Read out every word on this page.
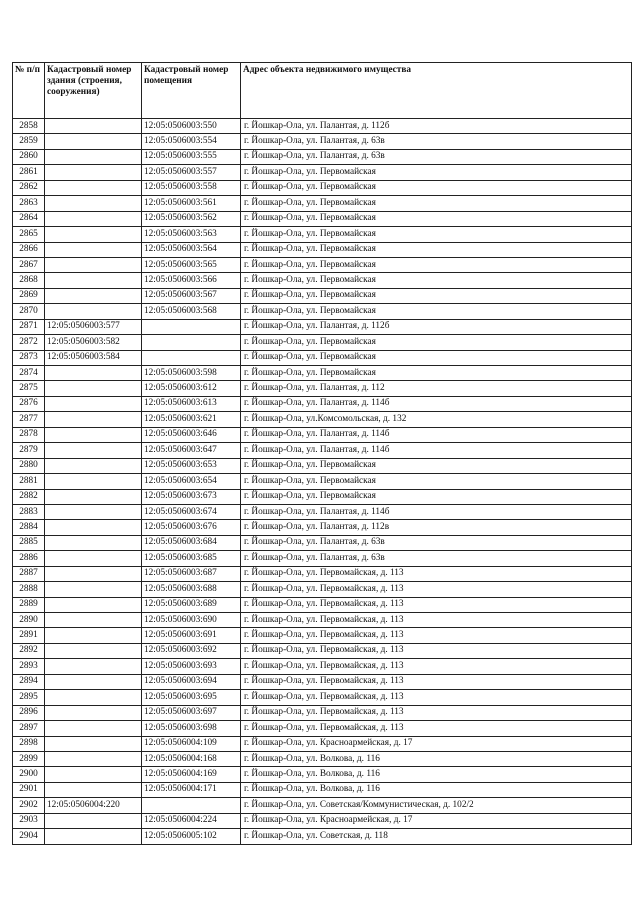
№ п/п	Кадастровый номер здания (строения, сооружения)	Кадастровый номер помещения	Адрес объекта недвижимого имущества
2858		12:05:0506003:550	г. Йошкар-Ола, ул. Палантая, д. 112б
2859		12:05:0506003:554	г. Йошкар-Ола, ул. Палантая, д. 63в
2860		12:05:0506003:555	г. Йошкар-Ола, ул. Палантая, д. 63в
2861		12:05:0506003:557	г. Йошкар-Ола, ул. Первомайская
2862		12:05:0506003:558	г. Йошкар-Ола, ул. Первомайская
2863		12:05:0506003:561	г. Йошкар-Ола, ул. Первомайская
2864		12:05:0506003:562	г. Йошкар-Ола, ул. Первомайская
2865		12:05:0506003:563	г. Йошкар-Ола, ул. Первомайская
2866		12:05:0506003:564	г. Йошкар-Ола, ул. Первомайская
2867		12:05:0506003:565	г. Йошкар-Ола, ул. Первомайская
2868		12:05:0506003:566	г. Йошкар-Ола, ул. Первомайская
2869		12:05:0506003:567	г. Йошкар-Ола, ул. Первомайская
2870		12:05:0506003:568	г. Йошкар-Ола, ул. Первомайская
2871	12:05:0506003:577		г. Йошкар-Ола, ул. Палантая, д. 112б
2872	12:05:0506003:582		г. Йошкар-Ола, ул. Первомайская
2873	12:05:0506003:584		г. Йошкар-Ола, ул. Первомайская
2874		12:05:0506003:598	г. Йошкар-Ола, ул. Первомайская
2875		12:05:0506003:612	г. Йошкар-Ола, ул. Палантая, д. 112
2876		12:05:0506003:613	г. Йошкар-Ола, ул. Палантая, д. 114б
2877		12:05:0506003:621	г. Йошкар-Ола, ул.Комсомольская, д. 132
2878		12:05:0506003:646	г. Йошкар-Ола, ул. Палантая, д. 114б
2879		12:05:0506003:647	г. Йошкар-Ола, ул. Палантая, д. 114б
2880		12:05:0506003:653	г. Йошкар-Ола, ул. Первомайская
2881		12:05:0506003:654	г. Йошкар-Ола, ул. Первомайская
2882		12:05:0506003:673	г. Йошкар-Ола, ул. Первомайская
2883		12:05:0506003:674	г. Йошкар-Ола, ул. Палантая, д. 114б
2884		12:05:0506003:676	г. Йошкар-Ола, ул. Палантая, д. 112в
2885		12:05:0506003:684	г. Йошкар-Ола, ул. Палантая, д. 63в
2886		12:05:0506003:685	г. Йошкар-Ола, ул. Палантая, д. 63в
2887		12:05:0506003:687	г. Йошкар-Ола, ул. Первомайская, д. 113
2888		12:05:0506003:688	г. Йошкар-Ола, ул. Первомайская, д. 113
2889		12:05:0506003:689	г. Йошкар-Ола, ул. Первомайская, д. 113
2890		12:05:0506003:690	г. Йошкар-Ола, ул. Первомайская, д. 113
2891		12:05:0506003:691	г. Йошкар-Ола, ул. Первомайская, д. 113
2892		12:05:0506003:692	г. Йошкар-Ола, ул. Первомайская, д. 113
2893		12:05:0506003:693	г. Йошкар-Ола, ул. Первомайская, д. 113
2894		12:05:0506003:694	г. Йошкар-Ола, ул. Первомайская, д. 113
2895		12:05:0506003:695	г. Йошкар-Ола, ул. Первомайская, д. 113
2896		12:05:0506003:697	г. Йошкар-Ола, ул. Первомайская, д. 113
2897		12:05:0506003:698	г. Йошкар-Ола, ул. Первомайская, д. 113
2898		12:05:0506004:109	г. Йошкар-Ола, ул. Красноармейская, д. 17
2899		12:05:0506004:168	г. Йошкар-Ола, ул. Волкова, д. 116
2900		12:05:0506004:169	г. Йошкар-Ола, ул. Волкова, д. 116
2901		12:05:0506004:171	г. Йошкар-Ола, ул. Волкова, д. 116
2902	12:05:0506004:220		г. Йошкар-Ола, ул. Советская/Коммунистическая, д. 102/2
2903		12:05:0506004:224	г. Йошкар-Ола, ул. Красноармейская, д. 17
2904		12:05:0506005:102	г. Йошкар-Ола, ул. Советская, д. 118
